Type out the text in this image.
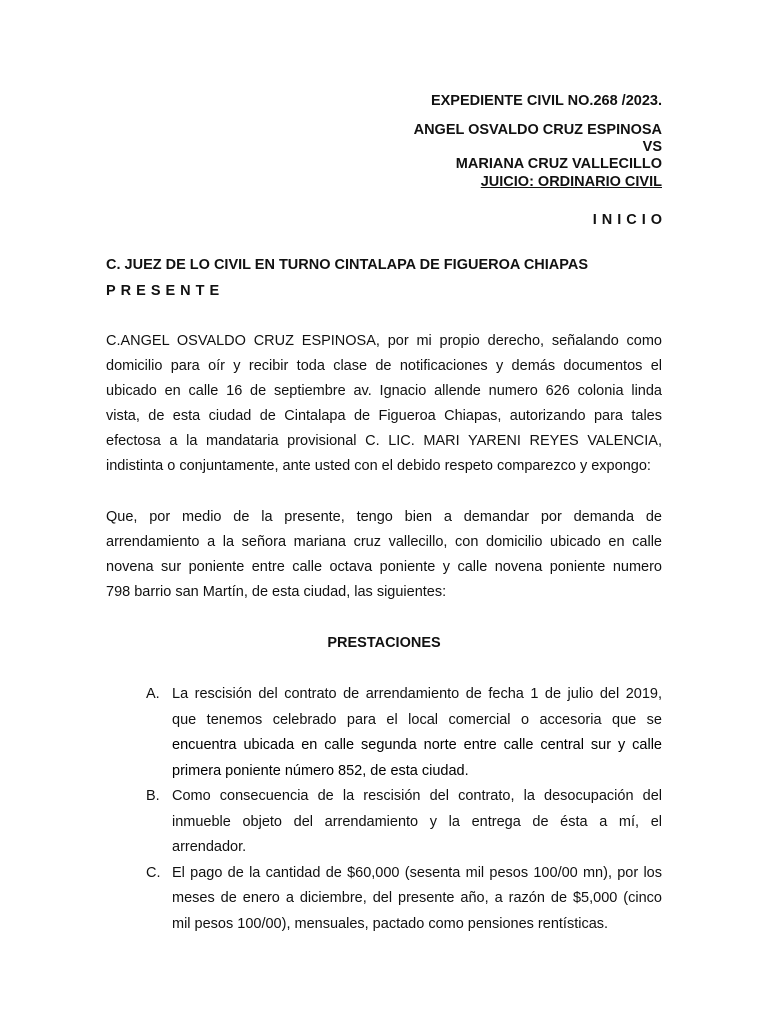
EXPEDIENTE CIVIL NO.268 /2023.
ANGEL OSVALDO CRUZ ESPINOSA
VS
MARIANA CRUZ VALLECILLO
JUICIO: ORDINARIO CIVIL
INICIO
C. JUEZ DE LO CIVIL EN TURNO CINTALAPA DE FIGUEROA CHIAPAS
PRESENTE
C.ANGEL OSVALDO CRUZ ESPINOSA, por mi propio derecho, señalando como
domicilio para oír y recibir toda clase de notificaciones y demás documentos el
ubicado en calle 16 de septiembre av. Ignacio allende numero 626 colonia linda
vista, de esta ciudad de Cintalapa de Figueroa Chiapas, autorizando para tales
efectosa a la mandataria provisional C. LIC. MARI YARENI REYES VALENCIA,
indistinta o conjuntamente, ante usted con el debido respeto comparezco y expongo:
Que, por medio de la presente, tengo bien a demandar por demanda de
arrendamiento a la señora mariana cruz vallecillo, con domicilio ubicado en calle
novena sur poniente entre calle octava poniente y calle novena poniente numero
798 barrio san Martín, de esta ciudad, las siguientes:
PRESTACIONES
A. La rescisión del contrato de arrendamiento de fecha 1 de julio del 2019,
que tenemos celebrado para el local comercial o accesoria que se
encuentra ubicada en calle segunda norte entre calle central sur y calle
primera poniente número 852, de esta ciudad.
B. Como consecuencia de la rescisión del contrato, la desocupación del
inmueble objeto del arrendamiento y la entrega de ésta a mí, el
arrendador.
C. El pago de la cantidad de $60,000 (sesenta mil pesos 100/00 mn), por los
meses de enero a diciembre, del presente año, a razón de $5,000 (cinco
mil pesos 100/00), mensuales, pactado como pensiones rentísticas.
